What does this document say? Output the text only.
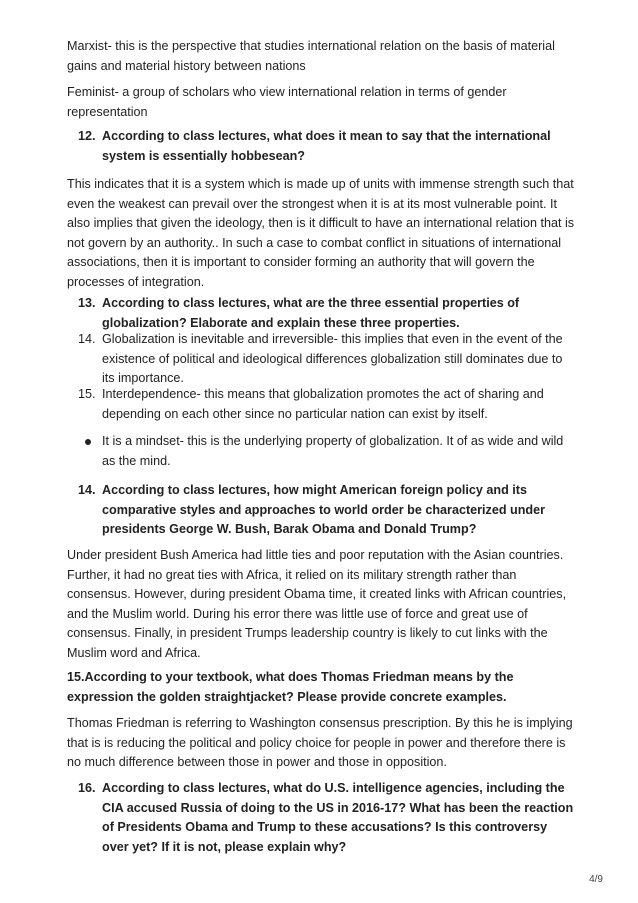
Marxist- this is the perspective that studies international relation on the basis of material gains and material history between nations

Feminist- a group of scholars who view international relation in terms of gender representation

12. According to class lectures, what does it mean to say that the international system is essentially hobbesean?

This indicates that it is a system which is made up of units with immense strength such that even the weakest can prevail over the strongest when it is at its most vulnerable point. It also implies that given the ideology, then is it difficult to have an international relation that is not govern by an authority.. In such a case to combat conflict in situations of international associations, then it is important to consider forming an authority that will govern the processes of integration.

13. According to class lectures, what are the three essential properties of globalization? Elaborate and explain these three properties.
14. Globalization is inevitable and irreversible- this implies that even in the event of the existence of political and ideological differences globalization still dominates due to its importance.
15. Interdependence- this means that globalization promotes the act of sharing and depending on each other since no particular nation can exist by itself.
It is a mindset- this is the underlying property of globalization. It of as wide and wild as the mind.
14. According to class lectures, how might American foreign policy and its comparative styles and approaches to world order be characterized under presidents George W. Bush, Barak Obama and Donald Trump?

Under president Bush America had little ties and poor reputation with the Asian countries. Further, it had no great ties with Africa, it relied on its military strength rather than consensus. However, during president Obama time, it created links with African countries, and the Muslim world. During his error there was little use of force and great use of consensus. Finally, in president Trumps leadership country is likely to cut links with the Muslim word and Africa.

15.According to your textbook, what does Thomas Friedman means by the expression the golden straightjacket? Please provide concrete examples.

Thomas Friedman is referring to Washington consensus prescription. By this he is implying that is is reducing the political and policy choice for people in power and therefore there is no much difference between those in power and those in opposition.

16. According to class lectures, what do U.S. intelligence agencies, including the CIA accused Russia of doing to the US in 2016-17? What has been the reaction of Presidents Obama and Trump to these accusations? Is this controversy over yet? If it is not, please explain why?
4/9
